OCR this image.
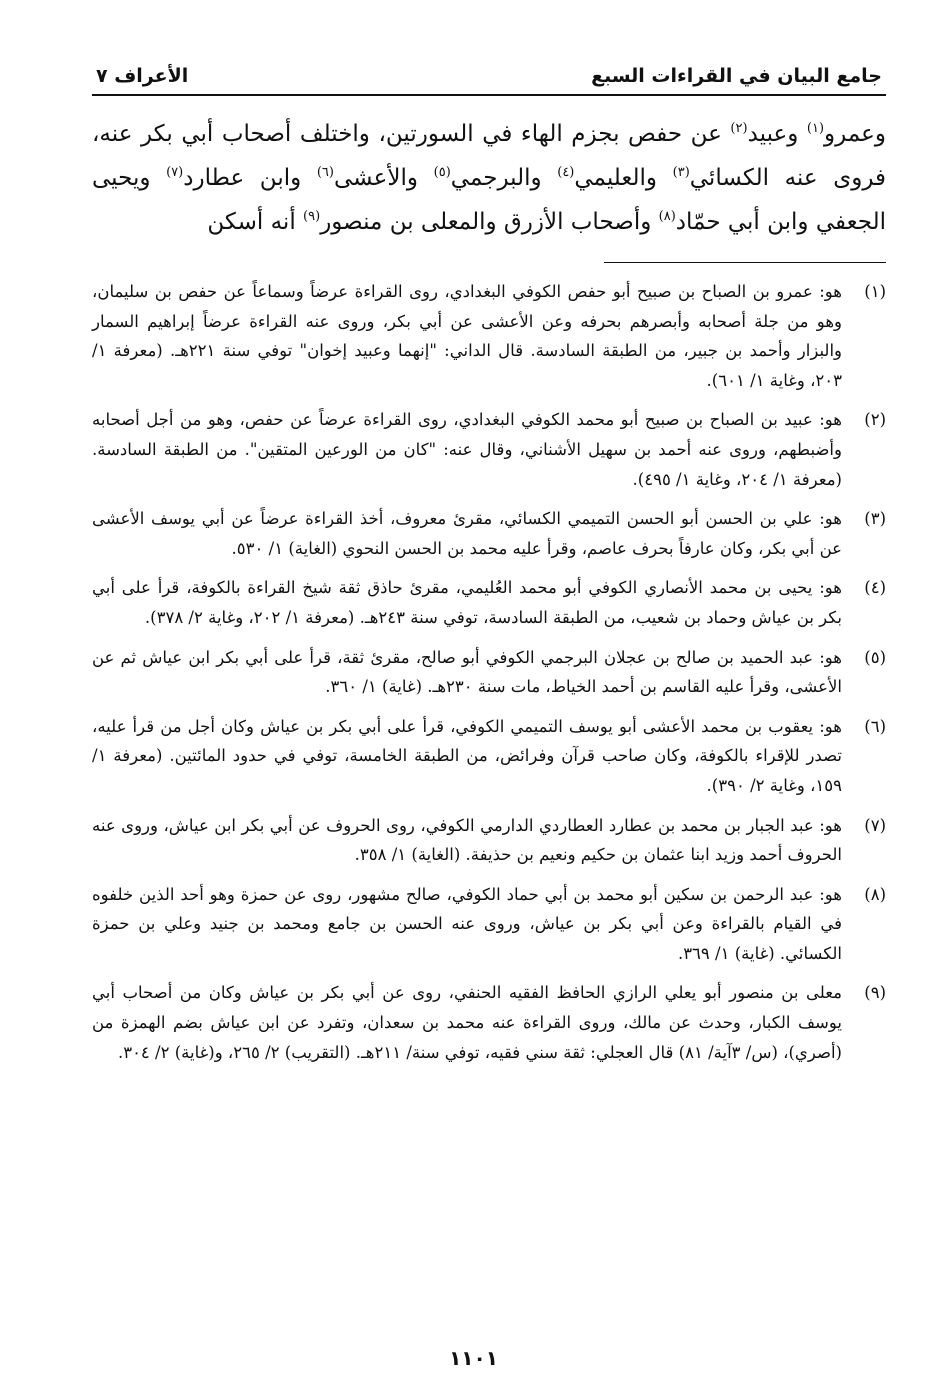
جامع البيان في القراءات السبع
الأعراف ٧
وعمرو$^{(١)}$ وعبيد$^{(٢)}$ عن حفص بجزم الهاء في السورتين، واختلف أصحاب أبي بكر عنه، فروى عنه الكسائي$^{(٣)}$ والعليمي$^{(٤)}$ والبرجمي$^{(٥)}$ والأعشى$^{(٦)}$ وابن عطارد$^{(٧)}$ ويحيى الجعفي وابن أبي حمّاد$^{(٨)}$ وأصحاب الأزرق والمعلى بن منصور$^{(٩)}$ أنه أسكن
(١)
هو: عمرو بن الصباح بن صبيح أبو حفص الكوفي البغدادي، روى القراءة عرضاً وسماعاً عن حفص بن سليمان، وهو من جلة أصحابه وأبصرهم بحرفه وعن الأعشى عن أبي بكر، وروى عنه القراءة عرضاً إبراهيم السمار والبزار وأحمد بن جبير، من الطبقة السادسة. قال الداني: "إنهما وعبيد إخوان" توفي سنة ٢٢١هـ. (معرفة ١/ ٢٠٣، وغاية ١/ ٦٠١).
(٢)
هو: عبيد بن الصباح بن صبيح أبو محمد الكوفي البغدادي، روى القراءة عرضاً عن حفص، وهو من أجل أصحابه وأضبطهم، وروى عنه أحمد بن سهيل الأشناني، وقال عنه: "كان من الورعين المتقين". من الطبقة السادسة. (معرفة ١/ ٢٠٤، وغاية ١/ ٤٩٥).
(٣)
هو: علي بن الحسن أبو الحسن التميمي الكسائي، مقرئ معروف، أخذ القراءة عرضاً عن أبي يوسف الأعشى عن أبي بكر، وكان عارفاً بحرف عاصم، وقرأ عليه محمد بن الحسن النحوي (الغاية) ١/ ٥٣٠.
(٤)
هو: يحيى بن محمد الأنصاري الكوفي أبو محمد العُليمي، مقرئ حاذق ثقة شيخ القراءة بالكوفة، قرأ على أبي بكر بن عياش وحماد بن شعيب، من الطبقة السادسة، توفي سنة ٢٤٣هـ. (معرفة ١/ ٢٠٢، وغاية ٢/ ٣٧٨).
(٥)
هو: عبد الحميد بن صالح بن عجلان البرجمي الكوفي أبو صالح، مقرئ ثقة، قرأ على أبي بكر ابن عياش ثم عن الأعشى، وقرأ عليه القاسم بن أحمد الخياط، مات سنة ٢٣٠هـ. (غاية) ١/ ٣٦٠.
(٦)
هو: يعقوب بن محمد الأعشى أبو يوسف التميمي الكوفي، قرأ على أبي بكر بن عياش وكان أجل من قرأ عليه، تصدر للإقراء بالكوفة، وكان صاحب قرآن وفرائض، من الطبقة الخامسة، توفي في حدود المائتين. (معرفة ١/ ١٥٩، وغاية ٢/ ٣٩٠).
(٧)
هو: عبد الجبار بن محمد بن عطارد العطاردي الدارمي الكوفي، روى الحروف عن أبي بكر ابن عياش، وروى عنه الحروف أحمد وزيد ابنا عثمان بن حكيم ونعيم بن حذيفة. (الغاية) ١/ ٣٥٨.
(٨)
هو: عبد الرحمن بن سكين أبو محمد بن أبي حماد الكوفي، صالح مشهور، روى عن حمزة وهو أحد الذين خلفوه في القيام بالقراءة وعن أبي بكر بن عياش، وروى عنه الحسن بن جامع ومحمد بن جنيد وعلي بن حمزة الكسائي. (غاية) ١/ ٣٦٩.
(٩)
معلى بن منصور أبو يعلي الرازي الحافظ الفقيه الحنفي، روى عن أبي بكر بن عياش وكان من أصحاب أبي يوسف الكبار، وحدث عن مالك، وروى القراءة عنه محمد بن سعدان، وتفرد عن ابن عياش بضم الهمزة من (أصري)، (س/ ٣آية/ ٨١) قال العجلي: ثقة سني فقيه، توفي سنة/ ٢١١هـ. (التقريب) ٢/ ٢٦٥، و(غاية) ٢/ ٣٠٤.
١١٠١
